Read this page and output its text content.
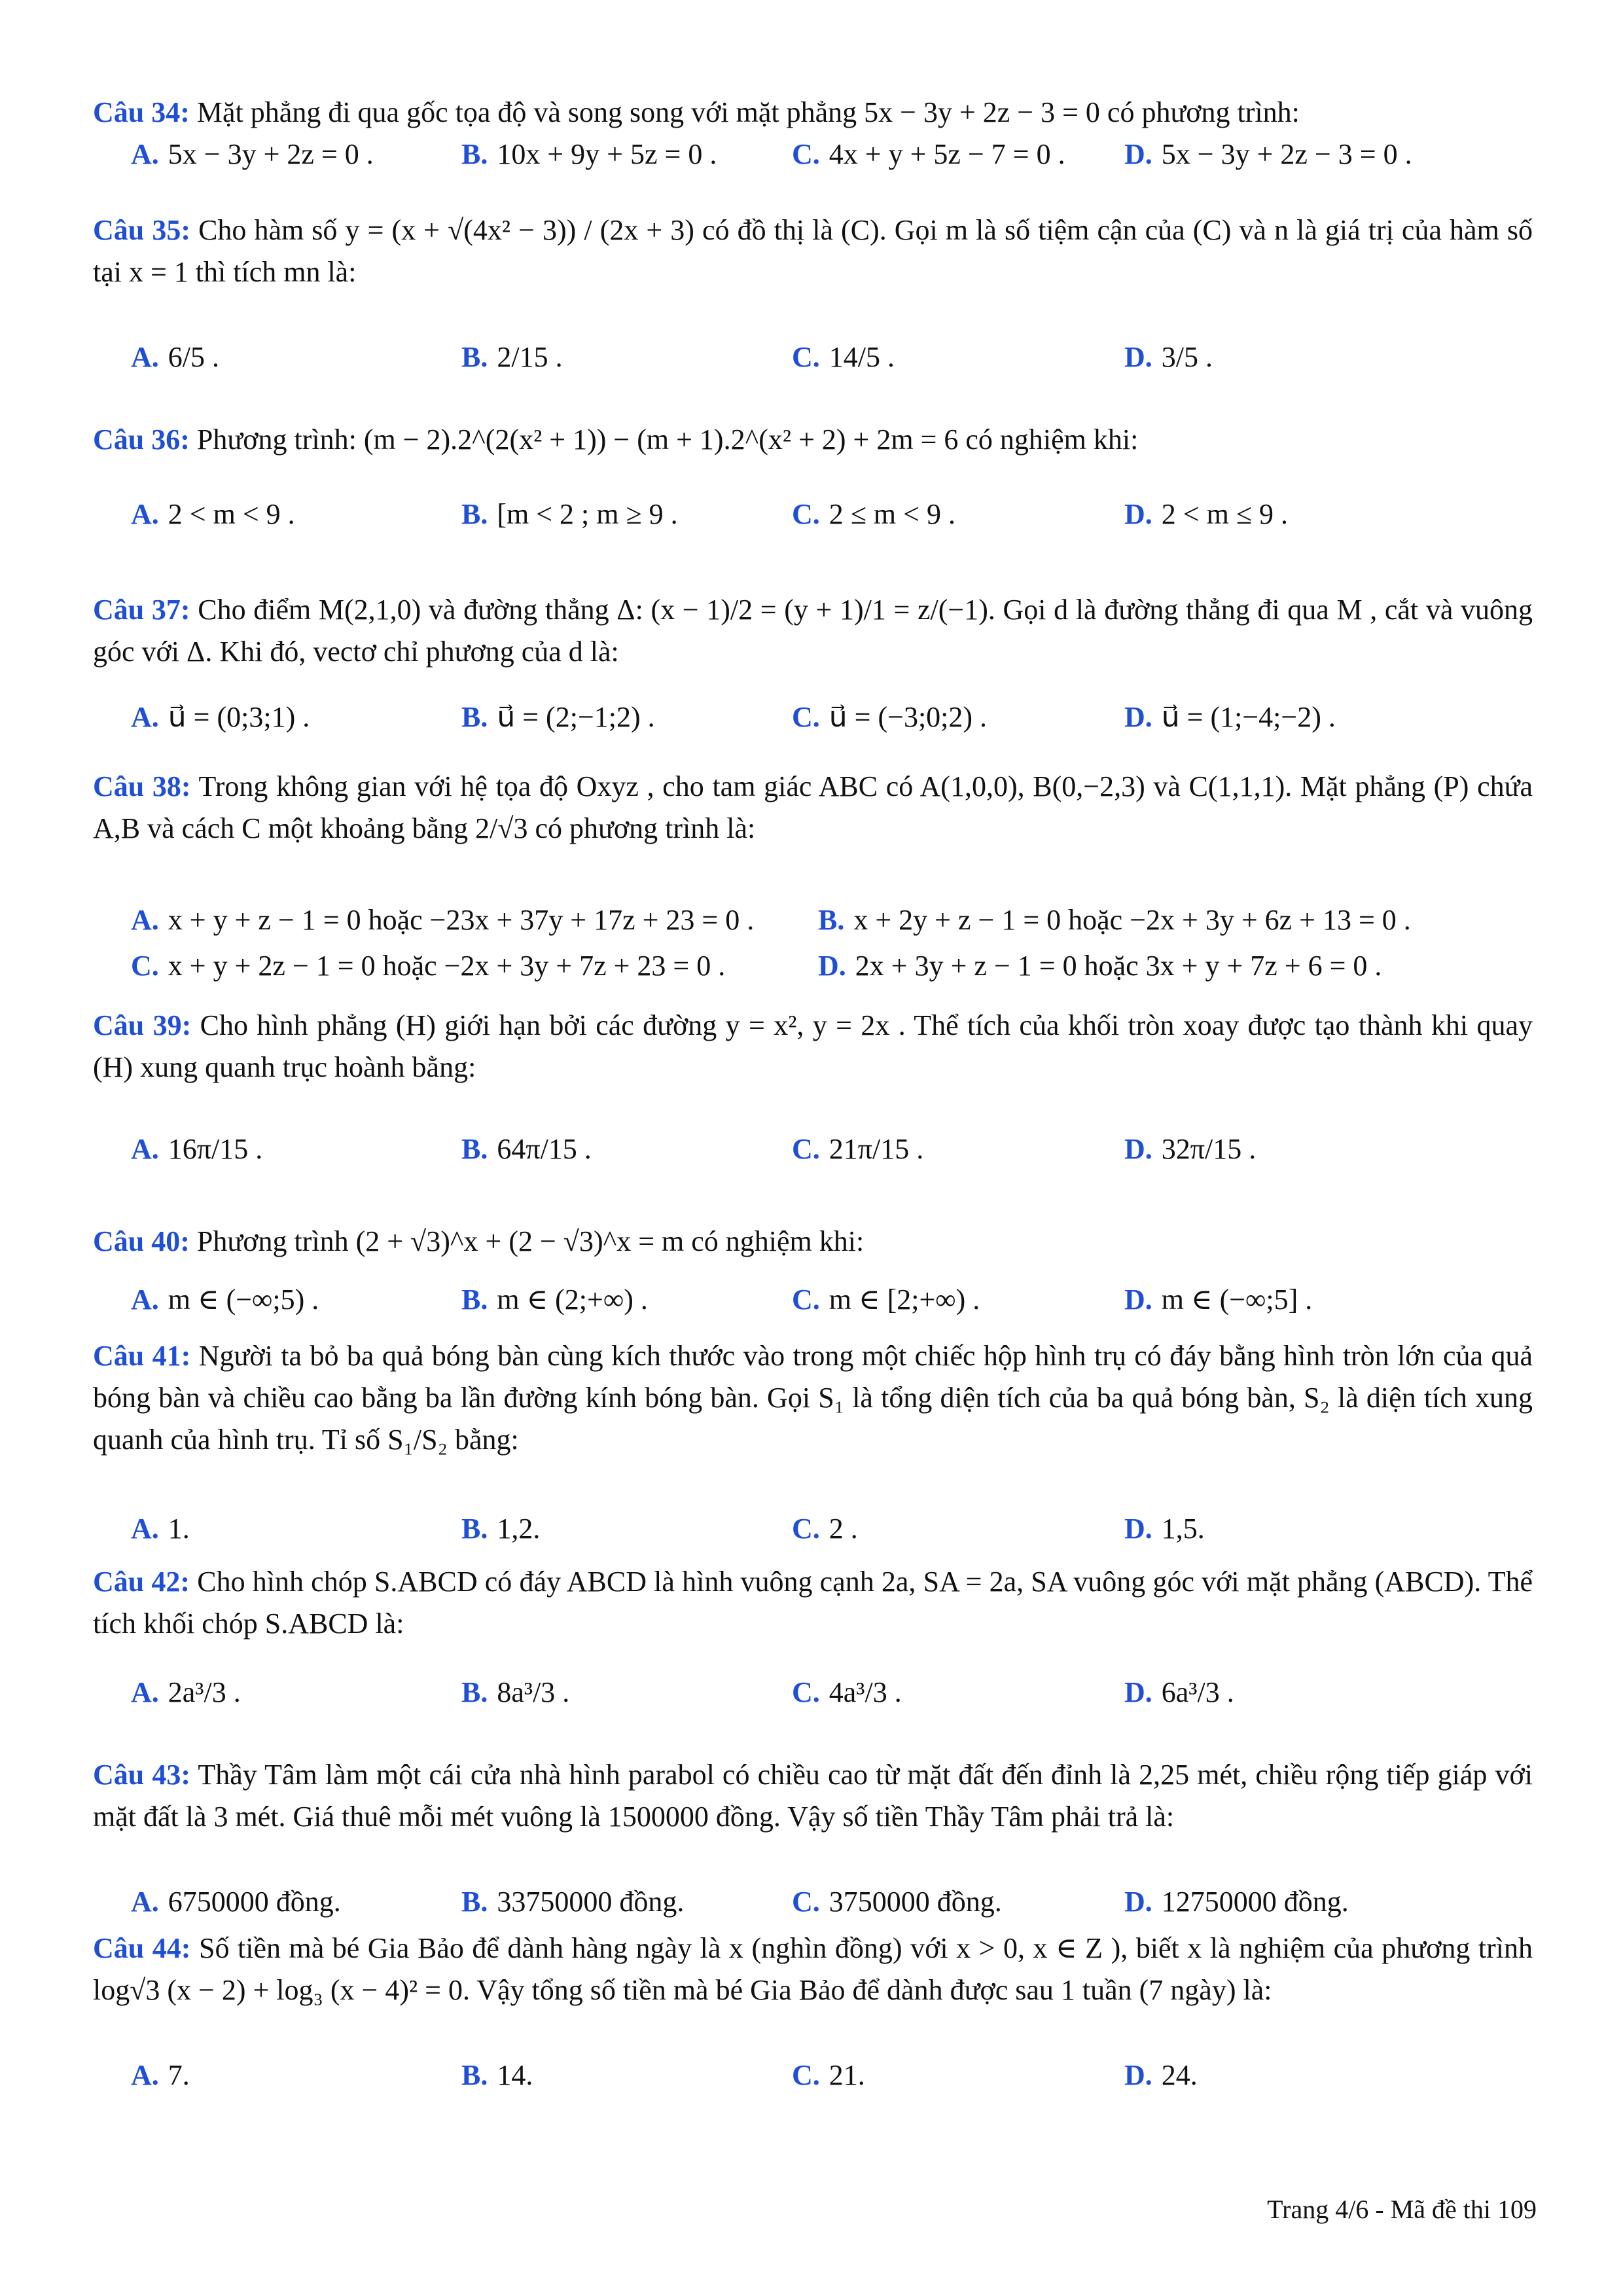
Câu 34: Mặt phẳng đi qua gốc tọa độ và song song với mặt phẳng 5x − 3y + 2z − 3 = 0 có phương trình:
A. 5x − 3y + 2z = 0 .	B. 10x + 9y + 5z = 0 .	C. 4x + y + 5z − 7 = 0 . D. 5x − 3y + 2z − 3 = 0 .
Câu 35: Cho hàm số y = (x + √(4x² − 3)) / (2x + 3) có đồ thị là (C). Gọi m là số tiệm cận của (C) và n là giá trị của hàm số tại x = 1 thì tích mn là:
A. 6/5 .	B. 2/15 .	C. 14/5 .	D. 3/5 .
Câu 36: Phương trình: (m − 2).2^(2(x² + 1)) − (m + 1).2^(x² + 2) + 2m = 6 có nghiệm khi:
A. 2 < m < 9 .	B. [m < 2 ; m ≥ 9 .	C. 2 ≤ m < 9 .	D. 2 < m ≤ 9 .
Câu 37: Cho điểm M(2,1,0) và đường thẳng Δ: (x − 1)/2 = (y + 1)/1 = z/(−1). Gọi d là đường thẳng đi qua M , cắt và vuông góc với Δ. Khi đó, vectơ chỉ phương của d là:
A. u⃗ = (0;3;1) .	B. u⃗ = (2;−1;2) .	C. u⃗ = (−3;0;2) .	D. u⃗ = (1;−4;−2) .
Câu 38: Trong không gian với hệ tọa độ Oxyz , cho tam giác ABC có A(1,0,0), B(0,−2,3) và C(1,1,1). Mặt phẳng (P) chứa A,B và cách C một khoảng bằng 2/√3 có phương trình là:
A. x + y + z − 1 = 0 hoặc −23x + 37y + 17z + 23 = 0 . B. x + 2y + z − 1 = 0 hoặc −2x + 3y + 6z + 13 = 0 .
C. x + y + 2z − 1 = 0 hoặc −2x + 3y + 7z + 23 = 0 .	D. 2x + 3y + z − 1 = 0 hoặc 3x + y + 7z + 6 = 0 .
Câu 39: Cho hình phẳng (H) giới hạn bởi các đường y = x², y = 2x . Thể tích của khối tròn xoay được tạo thành khi quay (H) xung quanh trục hoành bằng:
A. 16π/15 .	B. 64π/15 .	C. 21π/15 .	D. 32π/15 .
Câu 40: Phương trình (2 + √3)^x + (2 − √3)^x = m có nghiệm khi:
A. m ∈ (−∞;5) .	B. m ∈ (2;+∞) .	C. m ∈ [2;+∞) .	D. m ∈ (−∞;5] .
Câu 41: Người ta bỏ ba quả bóng bàn cùng kích thước vào trong một chiếc hộp hình trụ có đáy bằng hình tròn lớn của quả bóng bàn và chiều cao bằng ba lần đường kính bóng bàn. Gọi S₁ là tổng diện tích của ba quả bóng bàn, S₂ là diện tích xung quanh của hình trụ. Tỉ số S₁/S₂ bằng:
A. 1.	B. 1,2.	C. 2 .	D. 1,5.
Câu 42: Cho hình chóp S.ABCD có đáy ABCD là hình vuông cạnh 2a, SA = 2a, SA vuông góc với mặt phẳng (ABCD). Thể tích khối chóp S.ABCD là:
A. 2a³/3 .	B. 8a³/3 .	C. 4a³/3 .	D. 6a³/3 .
Câu 43: Thầy Tâm làm một cái cửa nhà hình parabol có chiều cao từ mặt đất đến đỉnh là 2,25 mét, chiều rộng tiếp giáp với mặt đất là 3 mét. Giá thuê mỗi mét vuông là 1500000 đồng. Vậy số tiền Thầy Tâm phải trả là:
A. 6750000 đồng.	B. 33750000 đồng.	C. 3750000 đồng.	D. 12750000 đồng.
Câu 44: Số tiền mà bé Gia Bảo để dành hàng ngày là x (nghìn đồng) với x > 0, x ∈ Z ), biết x là nghiệm của phương trình log√3 (x − 2) + log₃ (x − 4)² = 0. Vậy tổng số tiền mà bé Gia Bảo để dành được sau 1 tuần (7 ngày) là:
A. 7.	B. 14.	C. 21.	D. 24.
Trang 4/6 - Mã đề thi 109
